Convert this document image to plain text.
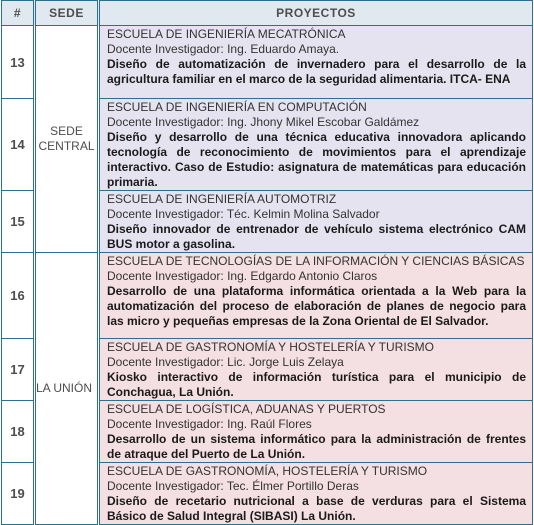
#	SEDE	PROYECTOS
13	SEDE CENTRAL	ESCUELA DE INGENIERÍA MECATRÓNICA
Docente Investigador: Ing. Eduardo Amaya.
Diseño de automatización de invernadero para el desarrollo de la agricultura familiar en el marco de la seguridad alimentaria. ITCA- ENA

14		ESCUELA DE INGENIERÍA EN COMPUTACIÓN
Docente Investigador: Ing. Jhony Mikel Escobar Galdámez
Diseño y desarrollo de una técnica educativa innovadora aplicando tecnología de reconocimiento de movimientos para el aprendizaje interactivo. Caso de Estudio: asignatura de matemáticas para educación primaria.

15		ESCUELA DE INGENIERÍA AUTOMOTRIZ
Docente Investigador: Téc. Kelmin Molina Salvador
Diseño innovador de entrenador de vehículo sistema electrónico CAM BUS motor a gasolina.

16	LA UNIÓN	ESCUELA DE TECNOLOGÍAS DE LA INFORMACIÓN Y CIENCIAS BÁSICAS
Docente Investigador: Ing. Edgardo Antonio Claros
Desarrollo de una plataforma informática orientada a la Web para la automatización del proceso de elaboración de planes de negocio para las micro y pequeñas empresas de la Zona Oriental de El Salvador.

17		ESCUELA DE GASTRONOMÍA Y HOSTELERÍA Y TURISMO
Docente Investigador: Lic. Jorge Luis Zelaya
Kiosko interactivo de información turística para el municipio de Conchagua, La Unión.

18		ESCUELA DE LOGÍSTICA, ADUANAS Y PUERTOS
Docente Investigador: Ing. Raúl Flores
Desarrollo de un sistema informático para la administración de frentes de atraque del Puerto de La Unión.

19		ESCUELA DE GASTRONOMÍA, HOSTELERÍA Y TURISMO
Docente Investigador: Tec. Élmer Portillo Deras
Diseño de recetario nutricional a base de verduras para el Sistema Básico de Salud Integral (SIBASI) La Unión.
